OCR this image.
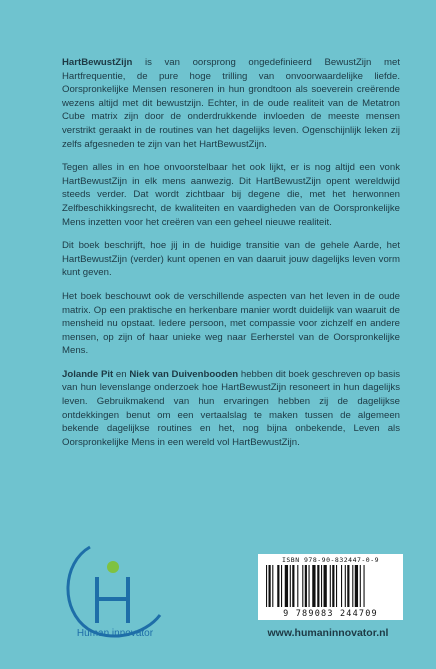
HartBewustZijn is van oorsprong ongedefinieerd BewustZijn met Hartfrequentie, de pure hoge trilling van onvoorwaardelijke liefde. Oorspronkelijke Mensen resoneren in hun grondtoon als soeverein creërende wezens altijd met dit bewustzijn. Echter, in de oude realiteit van de Metatron Cube matrix zijn door de onderdrukkende invloeden de meeste mensen verstrikt geraakt in de routines van het dagelijks leven. Ogenschijnlijk leken zij zelfs afgesneden te zijn van het HartBewustZijn.

Tegen alles in en hoe onvoorstelbaar het ook lijkt, er is nog altijd een vonk HartBewustZijn in elk mens aanwezig. Dit HartBewustZijn opent wereldwijd steeds verder. Dat wordt zichtbaar bij degene die, met het herwonnen Zelfbeschikkingsrecht, de kwaliteiten en vaardigheden van de Oorspronkelijke Mens inzetten voor het creëren van een geheel nieuwe realiteit.

Dit boek beschrijft, hoe jij in de huidige transitie van de gehele Aarde, het HartBewustZijn (verder) kunt openen en van daaruit jouw dagelijks leven vorm kunt geven.

Het boek beschouwt ook de verschillende aspecten van het leven in de oude matrix. Op een praktische en herkenbare manier wordt duidelijk van waaruit de mensheid nu opstaat. Iedere persoon, met compassie voor zichzelf en andere mensen, op zijn of haar unieke weg naar Eerherstel van de Oorspronkelijke Mens.

Jolande Pit en Niek van Duivenbooden hebben dit boek geschreven op basis van hun levenslange onderzoek hoe HartBewustZijn resoneert in hun dagelijks leven. Gebruikmakend van hun ervaringen hebben zij de dagelijkse ontdekkingen benut om een vertaalslag te maken tussen de algemeen bekende dagelijkse routines en het, nog bijna onbekende, Leven als Oorspronkelijke Mens in een wereld vol HartBewustZijn.

Human innovator
ISBN 978-90-832447-0-9
9 789083 244709
www.humaninnovator.nl
